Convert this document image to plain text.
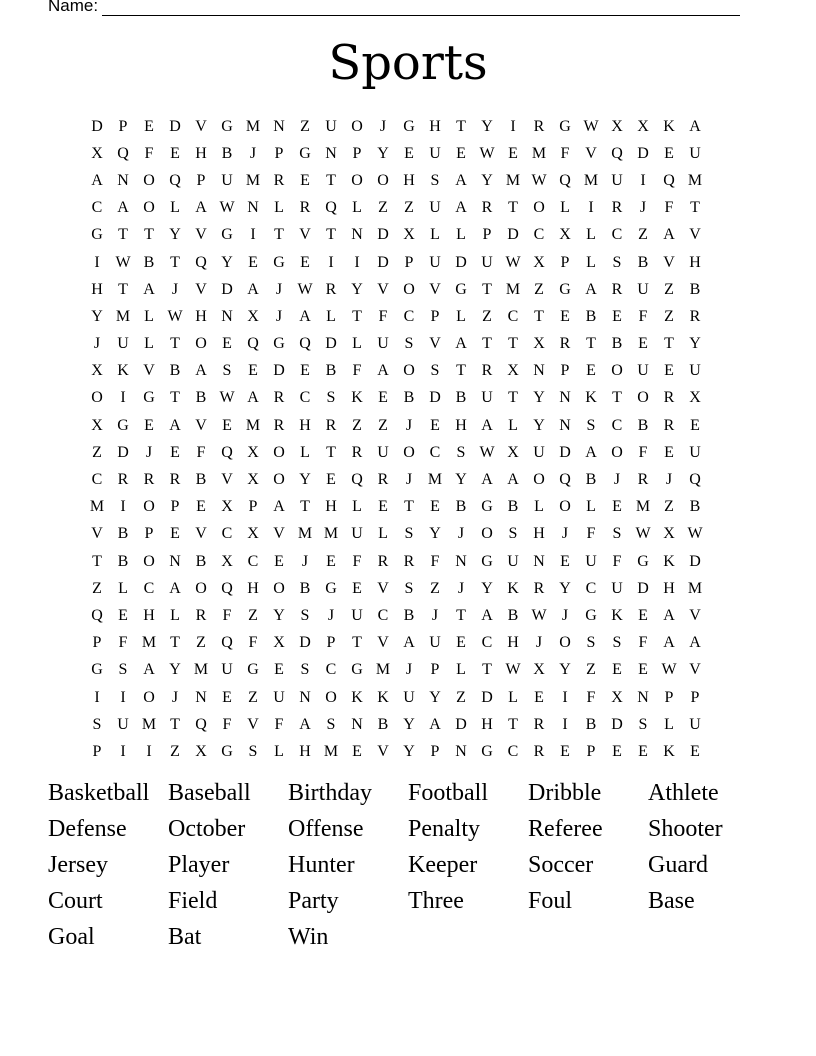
Name:
Sports
D P	E D V G M N Z U O	J	G H T Y	I	R G W X X K A
X Q F	E H B	J	P G N P Y E U E W E M F V Q D E U
A N O Q P U M R E	T O O H S A Y M W Q M U	I	Q M
C A O L A W N L R Q L	Z	Z U A R T O L	I	R	J	F	T
G T	T Y V G	I	T V T N D X L	L	P D C X L C Z A V
I W B T Q Y E G E	I	I	D P U D U W X P	L	S	B V H
H T A	J	V D A	J W R Y V O V G T M Z G A R U Z B
Y M L W H N X	J	A L	T	F	C	P	L	Z C T	E B E	F	Z R
J	U L	T O E Q G Q D L U S V A T	T X R T B E	T Y
X K V B A S	E D E B	F A O S	T R X N P	E O U E U
O	I	G T B W A R C	S K E B D B U T Y N K T O R X
X G E A V E M R H R Z	Z	J	E H A L Y N S	C B R E
Z D	J	E	F Q X O L	T R U O C	S W X U D A O F	E U
C R R R B V X O Y E Q R	J M Y A A O Q B	J	R	J	Q
M	I	O P	E X P A T H L	E	T	E B G B L O L	E M Z B
V B	P	E V C X V M M U L	S Y	J	O S H	J	F	S W X W
T B O N B X C E	J	E	F	R R	F N G U N E U F G K D
Z	L C A O Q H O B G E V S	Z	J	Y K R Y C U D H M
Q E H L R	F	Z Y S	J	U C B	J	T A B W J	G K E A V
P	F M T	Z Q F X D P	T V A U E C H	J	O S	S	F A A
G S A Y M U G E	S	C G M J	P	L	T W X Y Z	E	E W V
I	I	O	J	N E	Z U N O K K U Y Z D L	E	I	F X N P	P
S U M T Q F V F A S N B Y A D H T R	I	B D S	L U
P	I	I	Z X G S	L H M E V Y P N G C R E	P	E	E K E
Basketball Baseball	Birthday	Football	Dribble	Athlete
Defense	October	Offense	Penalty	Referee	Shooter
Jersey	Player	Hunter	Keeper	Soccer	Guard
Court	Field	Party	Three	Foul	Base
Goal	Bat	Win
